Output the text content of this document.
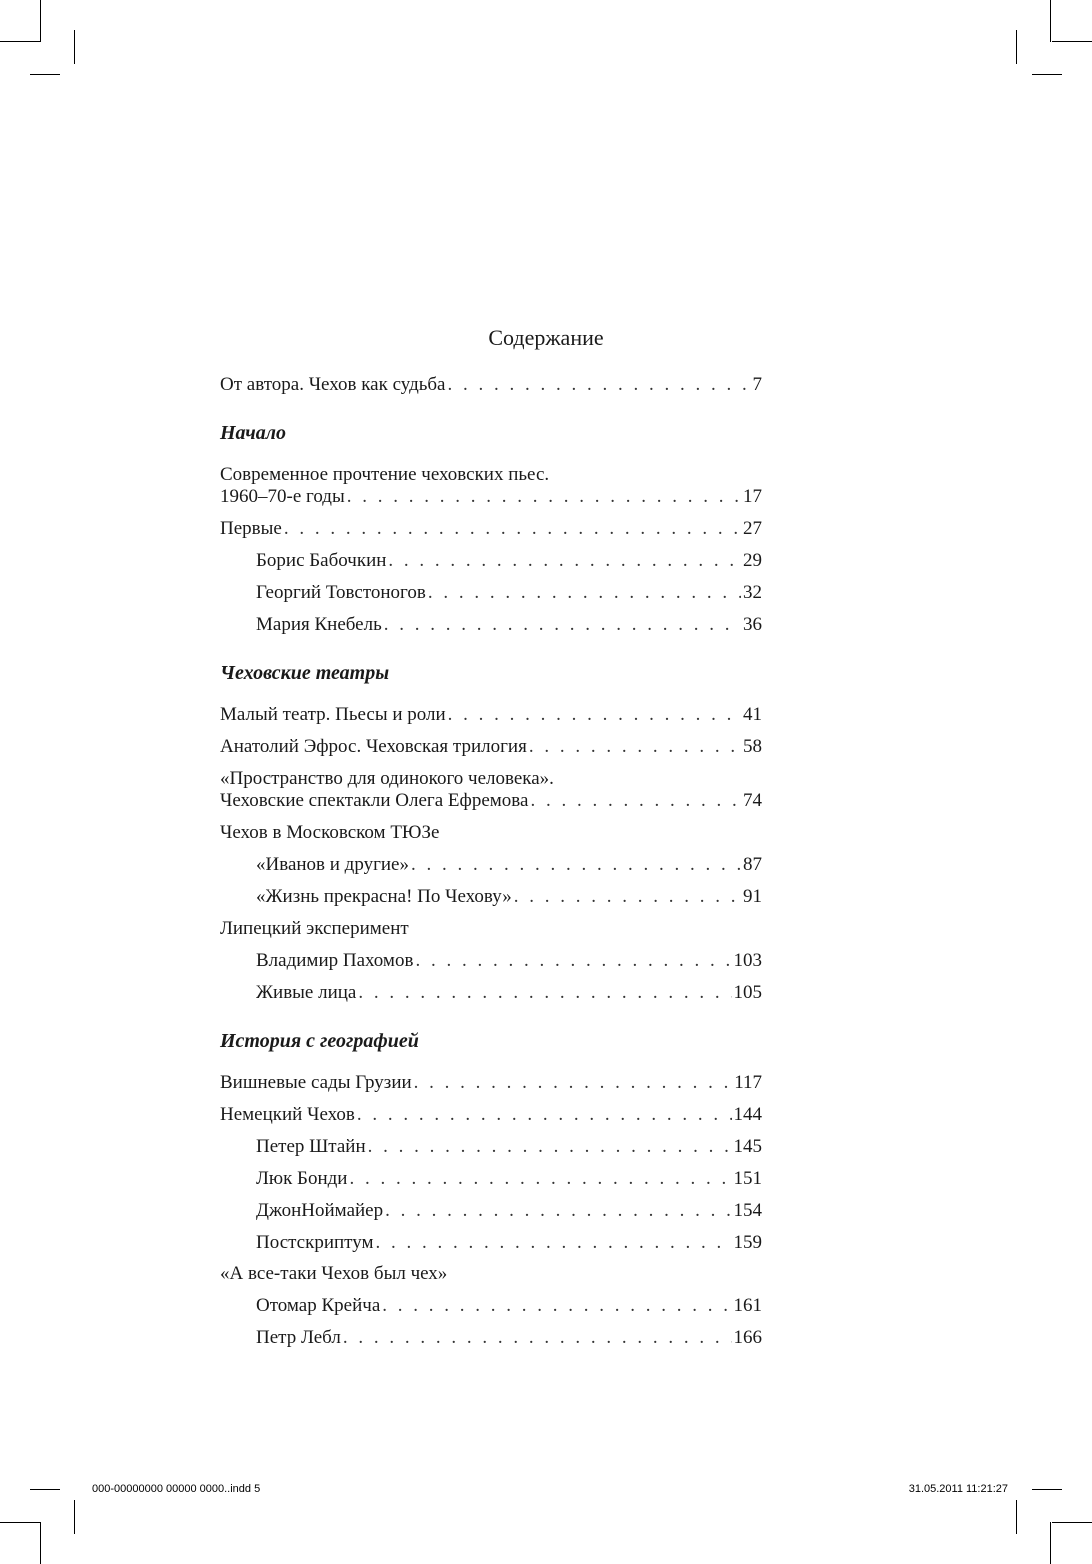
000-00000000 00000 0000..indd 5	31.05.2011 11:21:27
Содержание
От автора. Чехов как судьба . . .	7
Начало
Современное прочтение чеховских пьес.
1960–70-е годы . . .	17
Первые . . .	27
Борис Бабочкин . . .	29
Георгий Товстоногов . . .	32
Мария Кнебель . . .	36
Чеховские театры
Малый театр. Пьесы и роли . . .	41
Анатолий Эфрос. Чеховская трилогия . . .	58
«Пространство для одинокого человека».
Чеховские спектакли Олега Ефремова . . .	74
Чехов в Московском ТЮЗе
«Иванов и другие» . . .	87
«Жизнь прекрасна! По Чехову» . . .	91
Липецкий эксперимент
Владимир Пахомов . . .	103
Живые лица . . .	105
История с географией
Вишневые сады Грузии . . .	117
Немецкий Чехов . . .	144
Петер Штайн . . .	145
Люк Бонди . . .	151
ДжонНоймайер . . .	154
Постскриптум . . .	159
«А все-таки Чехов был чех»
Отомар Крейча . . .	161
Петр Лебл . . .	166
